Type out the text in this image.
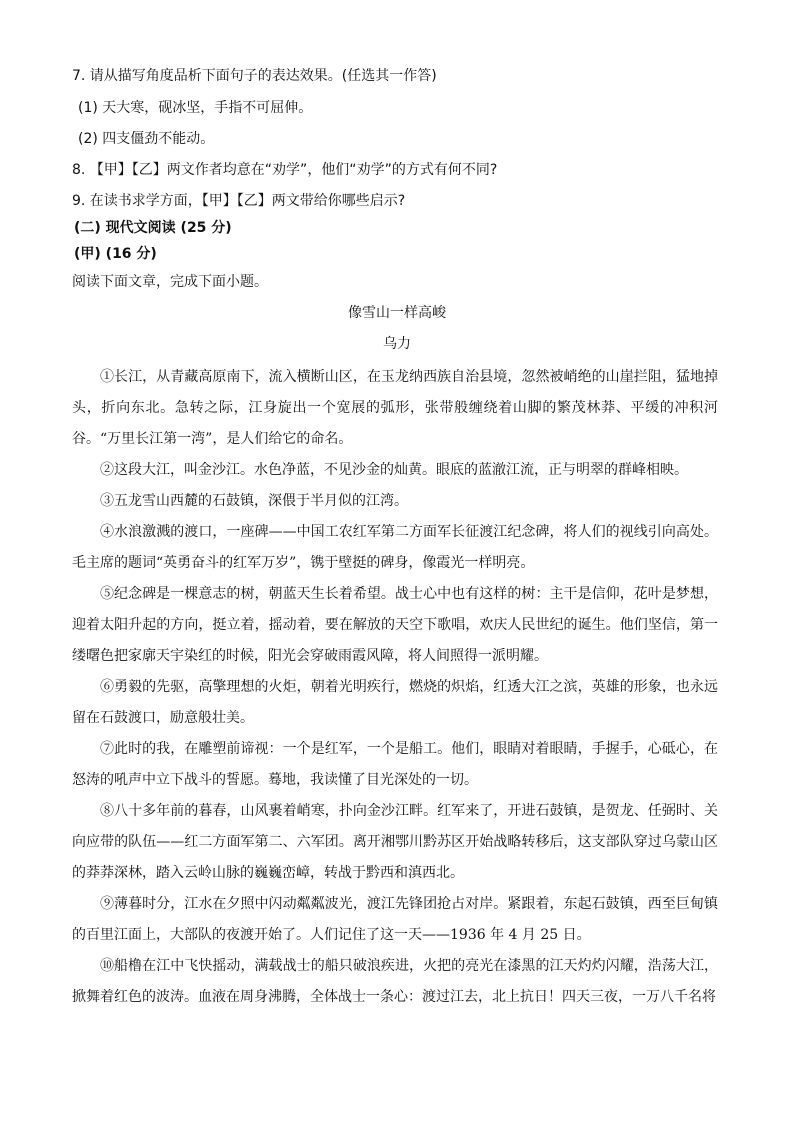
7. 请从描写角度品析下面句子的表达效果。(任选其一作答)
(1) 天大寒，砚冰坚，手指不可屈伸。
(2) 四支僵劲不能动。
8. 【甲】【乙】两文作者均意在“劝学”，他们“劝学”的方式有何不同?
9. 在读书求学方面，【甲】【乙】两文带给你哪些启示?
(二) 现代文阅读 (25 分)
(甲) (16 分)
阅读下面文章，完成下面小题。
像雪山一样高峻
乌力
①长江，从青藏高原南下，流入横断山区，在玉龙纳西族自治县境，忽然被峭绝的山崖拦阻，猛地掉头，折向东北。急转之际，江身旋出一个宽展的弧形，张带般缠绕着山脚的繁茂林莽、平缓的冲积河谷。“万里长江第一湾”，是人们给它的命名。
②这段大江，叫金沙江。水色净蓝，不见沙金的灿黄。眼底的蓝澈江流，正与明翠的群峰相映。
③五龙雪山西麓的石鼓镇，深偎于半月似的江湾。
④水浪激溅的渡口，一座碑——中国工农红军第二方面军长征渡江纪念碑，将人们的视线引向高处。毛主席的题词“英勇奋斗的红军万岁”，镌于壁挺的碑身，像霞光一样明亮。
⑤纪念碑是一棵意志的树，朝蓝天生长着希望。战士心中也有这样的树：主干是信仰，花叶是梦想，迎着太阳升起的方向，挺立着，摇动着，要在解放的天空下歌唱，欢庆人民世纪的诞生。他们坚信，第一缕曙色把家廓天宇染红的时候，阳光会穿破雨霞风障，将人间照得一派明耀。
⑥勇毅的先驱，高擎理想的火炬，朝着光明疾行，燃烧的炽焰，红透大江之滨，英雄的形象，也永远留在石鼓渡口，励意般壮美。
⑦此时的我，在雕塑前谛视：一个是红军，一个是船工。他们，眼睛对着眼睛，手握手，心砥心，在怒涛的吼声中立下战斗的誓愿。蓦地，我读懂了目光深处的一切。
⑧八十多年前的暮春，山风裹着峭寒，扑向金沙江畔。红军来了，开进石鼓镇，是贺龙、任弼时、关向应带的队伍——红二方面军第二、六军团。离开湘鄂川黔苏区开始战略转移后，这支部队穿过乌蒙山区的莽莽深林，踏入云岭山脉的巍巍峦嶂，转战于黔西和滇西北。
⑨薄暮时分，江水在夕照中闪动粼粼波光，渡江先锋团抢占对岸。紧跟着，东起石鼓镇，西至巨甸镇的百里江面上，大部队的夜渡开始了。人们记住了这一天——1936 年 4 月 25 日。
⑩船橹在江中飞快摇动，满载战士的船只破浪疾进，火把的亮光在漆黑的江天灼灼闪耀，浩荡大江，掀舞着红色的波涛。血液在周身沸腾，全体战士一条心：渡过江去，北上抗日！四天三夜，一万八千名将
